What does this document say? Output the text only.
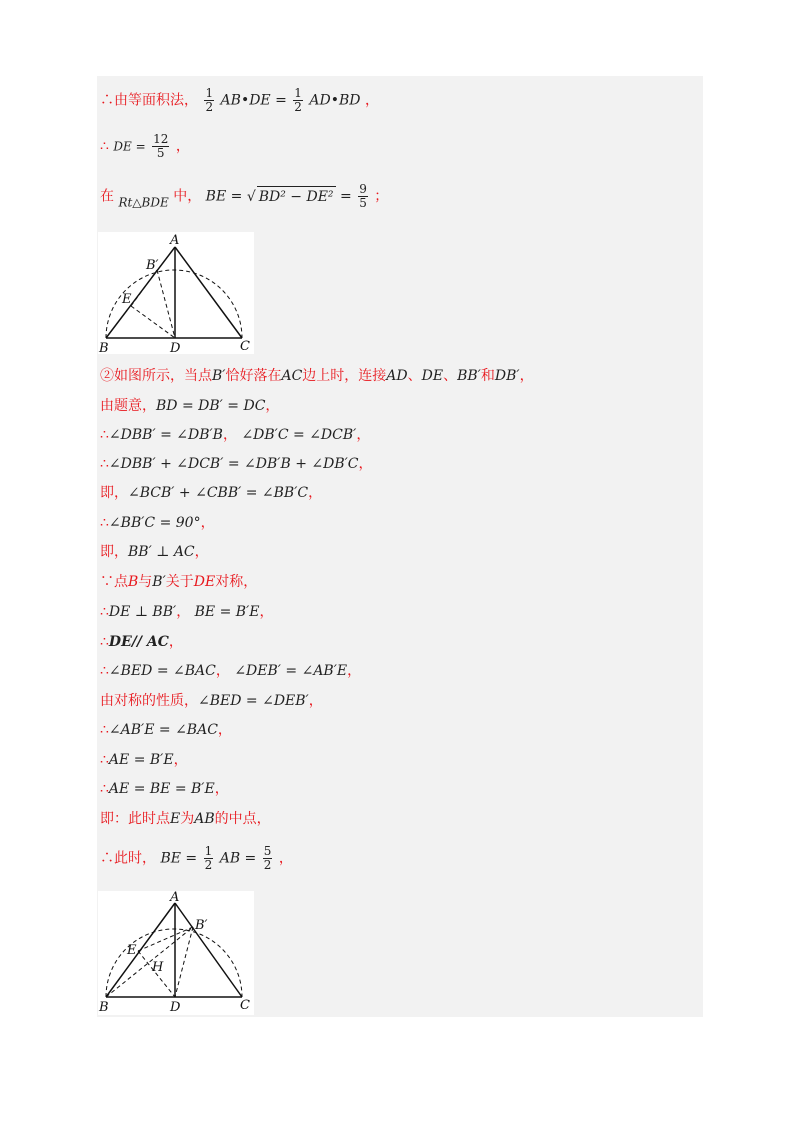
∴由等面积法， $\frac{1}{2}$ AB•DE = $\frac{1}{2}$ AD•BD ，
∴ DE = $\frac{12}{5}$ ，
在 Rt△BDE 中， BE = √ $BD^2 - DE^2 = \frac{9}{5}$ ；
A
B′
E
B	D	C
②如图所示，当点B′恰好落在AC边上时，连接AD、DE、BB′和DB′，
由题意，BD = DB′ = DC，
∴∠DBB′ = ∠DB′B， ∠DB′C = ∠DCB′，
∴∠DBB′ + ∠DCB′ = ∠DB′B + ∠DB′C，
即，∠BCB′ + ∠CBB′ = ∠BB′C，
∴∠BB′C = 90°，
即，BB′ ⊥ AC，
∵点B与B′关于DE对称，
∴DE ⊥ BB′， BE = B′E，
∴DE// AC，
∴∠BED = ∠BAC， ∠DEB′ = ∠AB′E，
由对称的性质，∠BED = ∠DEB′，
∴∠AB′E = ∠BAC，
∴AE = B′E，
∴AE = BE = B′E，
即：此时点E为AB的中点，
∴此时， BE = $\frac{1}{2}$ AB = $\frac{5}{2}$ ，
A
B′
E
H
B	D	C
